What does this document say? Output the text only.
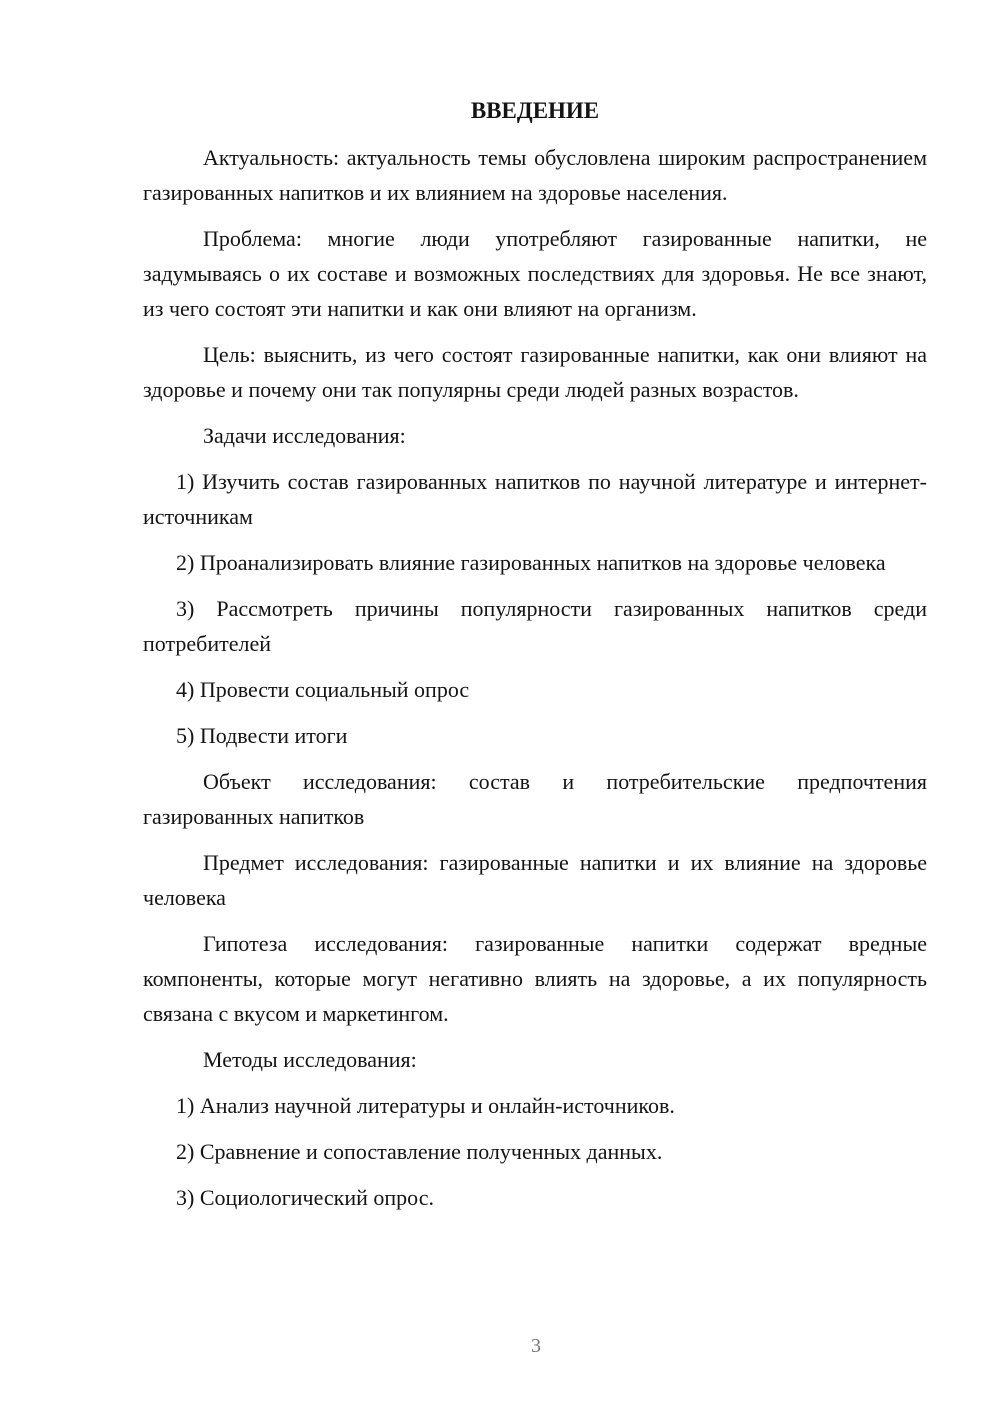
ВВЕДЕНИЕ

Актуальность: актуальность темы обусловлена широким распространением газированных напитков и их влиянием на здоровье населения.

Проблема: многие люди употребляют газированные напитки, не задумываясь о их составе и возможных последствиях для здоровья. Не все знают, из чего состоят эти напитки и как они влияют на организм.

Цель: выяснить, из чего состоят газированные напитки, как они влияют на здоровье и почему они так популярны среди людей разных возрастов.

Задачи исследования:

1) Изучить состав газированных напитков по научной литературе и интернет-источникам

2) Проанализировать влияние газированных напитков на здоровье человека

3) Рассмотреть причины популярности газированных напитков среди потребителей

4) Провести социальный опрос

5) Подвести итоги

Объект исследования: состав и потребительские предпочтения газированных напитков

Предмет исследования: газированные напитки и их влияние на здоровье человека

Гипотеза исследования: газированные напитки содержат вредные компоненты, которые могут негативно влиять на здоровье, а их популярность связана с вкусом и маркетингом.

Методы исследования:

1) Анализ научной литературы и онлайн-источников.

2) Сравнение и сопоставление полученных данных.

3) Социологический опрос.

3
